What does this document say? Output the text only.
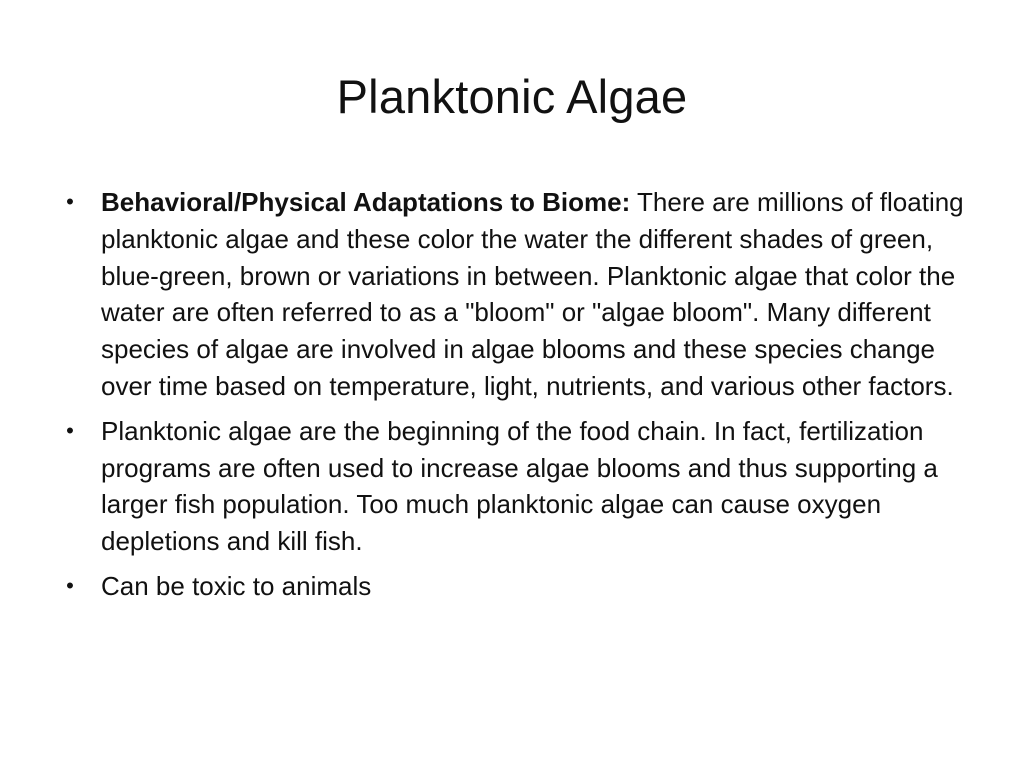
Planktonic Algae
• Behavioral/Physical Adaptations to Biome: There are millions of floating planktonic algae and these color the water the different shades of green, blue-green, brown or variations in between. Planktonic algae that color the water are often referred to as a "bloom" or "algae bloom". Many different species of algae are involved in algae blooms and these species change over time based on temperature, light, nutrients, and various other factors.
• Planktonic algae are the beginning of the food chain. In fact, fertilization programs are often used to increase algae blooms and thus supporting a larger fish population. Too much planktonic algae can cause oxygen depletions and kill fish.
• Can be toxic to animals
